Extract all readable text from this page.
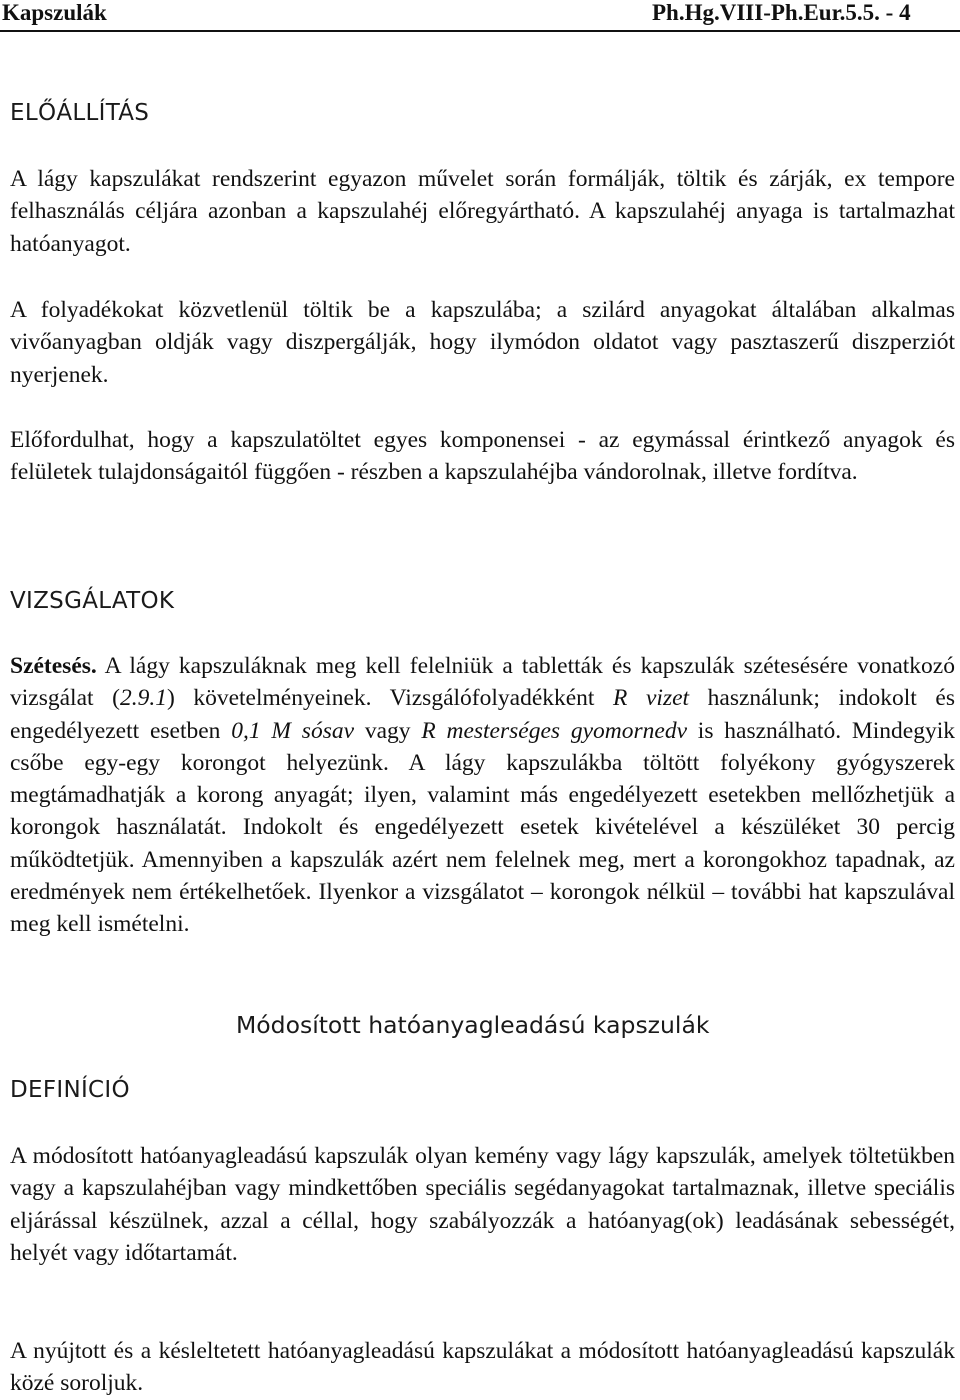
Kapszulák	Ph.Hg.VIII-Ph.Eur.5.5. - 4
ELŐÁLLÍTÁS

A lágy kapszulákat rendszerint egyazon művelet során formálják, töltik és zárják, ex tempore felhasználás céljára azonban a kapszulahéj előregyártható. A kapszulahéj anyaga is tartalmazhat hatóanyagot.

A folyadékokat közvetlenül töltik be a kapszulába; a szilárd anyagokat általában alkalmas vivőanyagban oldják vagy diszpergálják, hogy ilymódon oldatot vagy pasztaszerű diszperziót nyerjenek.

Előfordulhat, hogy a kapszulatöltet egyes komponensei - az egymással érintkező anyagok és felületek tulajdonságaitól függően - részben a kapszulahéjba vándorolnak, illetve fordítva.

VIZSGÁLATOK

Szétesés. A lágy kapszuláknak meg kell felelniük a tabletták és kapszulák szétesésére vonatkozó vizsgálat (2.9.1) követelményeinek. Vizsgálófolyadékként R vizet használunk; indokolt és engedélyezett esetben 0,1 M sósav vagy R mesterséges gyomornedv is használható. Mindegyik csőbe egy-egy korongot helyezünk. A lágy kapszulákba töltött folyékony gyógyszerek megtámadhatják a korong anyagát; ilyen, valamint más engedélyezett esetekben mellőzhetjük a korongok használatát. Indokolt és engedélyezett esetek kivételével a készüléket 30 percig működtetjük. Amennyiben a kapszulák azért nem felelnek meg, mert a korongokhoz tapadnak, az eredmények nem értékelhetőek. Ilyenkor a vizsgálatot – korongok nélkül – további hat kapszulával meg kell ismételni.

Módosított hatóanyagleadású kapszulák
DEFINÍCIÓ

A módosított hatóanyagleadású kapszulák olyan kemény vagy lágy kapszulák, amelyek töltetükben vagy a kapszulahéjban vagy mindkettőben speciális segédanyagokat tartalmaznak, illetve speciális eljárással készülnek, azzal a céllal, hogy szabályozzák a hatóanyag(ok) leadásának sebességét, helyét vagy időtartamát.

A nyújtott és a késleltetett hatóanyagleadású kapszulákat a módosított hatóanyagleadású kapszulák közé soroljuk.
